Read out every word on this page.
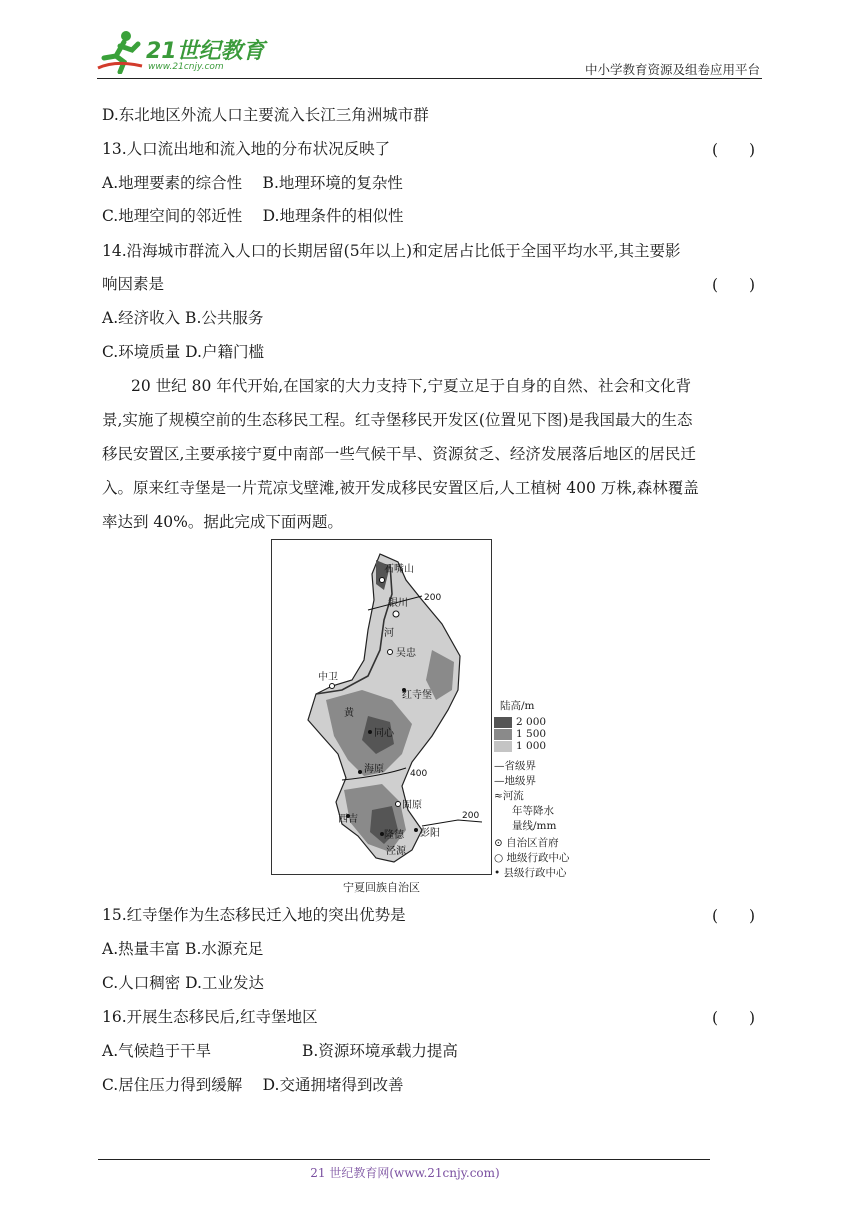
21世纪教育
www.21cnjy.com	中小学教育资源及组卷应用平台
D.东北地区外流人口主要流入长江三角洲城市群
13.人口流出地和流入地的分布状况反映了	(　　)
A.地理要素的综合性　 B.地理环境的复杂性
C.地理空间的邻近性　 D.地理条件的相似性
14.沿海城市群流入人口的长期居留(5年以上)和定居占比低于全国平均水平,其主要影
响因素是	(　　)
A.经济收入 B.公共服务
C.环境质量 D.户籍门槛
20 世纪 80 年代开始,在国家的大力支持下,宁夏立足于自身的自然、社会和文化背
景,实施了规模空前的生态移民工程。红寺堡移民开发区(位置见下图)是我国最大的生态
移民安置区,主要承接宁夏中南部一些气候干旱、资源贫乏、经济发展落后地区的居民迁
入。原来红寺堡是一片荒凉戈壁滩,被开发成移民安置区后,人工植树 400 万株,森林覆盖
率达到 40%。据此完成下面两题。
石嘴山
银川
吴忠
中卫
红寺堡
同心
海原
固原
西吉
隆德 彭阳
泾源
黄
河
200
400
200
陆高/m
2 000
1 500
1 000
—省级界
—地级界
≈河流
年等降水
量线/mm
⊙ 自治区首府
○ 地级行政中心
• 县级行政中心
宁夏回族自治区
15.红寺堡作为生态移民迁入地的突出优势是	(　　)
A.热量丰富 B.水源充足
C.人口稠密 D.工业发达
16.开展生态移民后,红寺堡地区	(　　)
A.气候趋于干旱	B.资源环境承载力提高
C.居住压力得到缓解　 D.交通拥堵得到改善
21 世纪教育网(www.21cnjy.com)
